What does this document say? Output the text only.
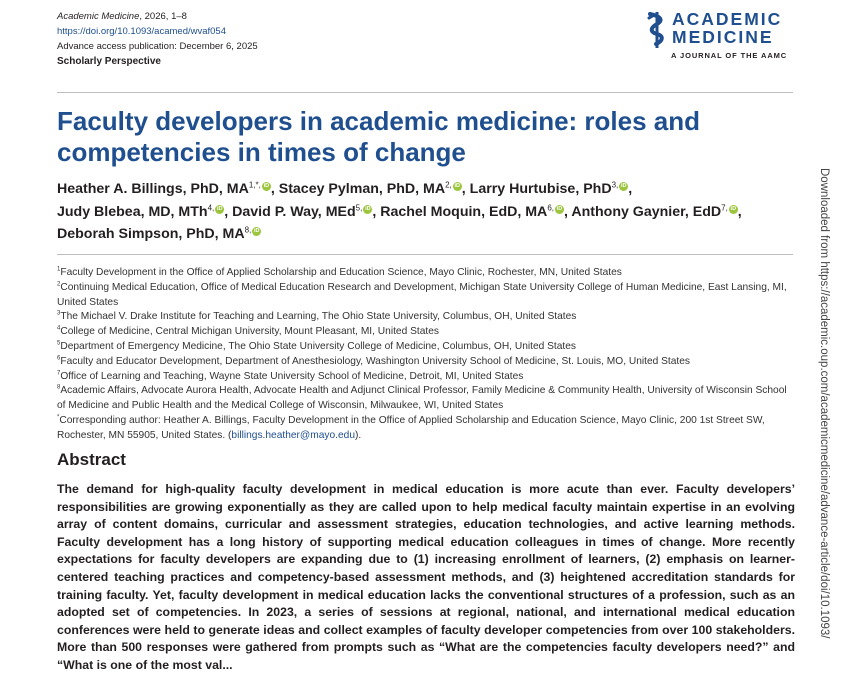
Academic Medicine, 2026, 1–8
https://doi.org/10.1093/acamed/wvaf054
Advance access publication: December 6, 2025
Scholarly Perspective
ACADEMIC
MEDICINE
A JOURNAL OF THE AAMC
Faculty developers in academic medicine: roles and competencies in times of change
Heather A. Billings, PhD, $MA^{1,*,}$ iD , Stacey Pylman, PhD, $MA^{2,}$ iD , Larry Hurtubise, PhD$^{3,}$ iD ,
Judy Blebea, MD, MTh$^{4,}$ iD , David P. Way, MEd$^{5,}$ iD , Rachel Moquin, EdD, $MA^{6,}$ iD , Anthony Gaynier, EdD$^{7,}$ iD ,
Deborah Simpson, PhD, $MA^{8,}$ iD
$^1$Faculty Development in the Office of Applied Scholarship and Education Science, Mayo Clinic, Rochester, MN, United States
$^2$Continuing Medical Education, Office of Medical Education Research and Development, Michigan State University College of Human Medicine, East Lansing, MI, United States
$^3$The Michael V. Drake Institute for Teaching and Learning, The Ohio State University, Columbus, OH, United States
$^4$College of Medicine, Central Michigan University, Mount Pleasant, MI, United States
$^5$Department of Emergency Medicine, The Ohio State University College of Medicine, Columbus, OH, United States
$^6$Faculty and Educator Development, Department of Anesthesiology, Washington University School of Medicine, St. Louis, MO, United States
$^7$Office of Learning and Teaching, Wayne State University School of Medicine, Detroit, MI, United States
$^8$Academic Affairs, Advocate Aurora Health, Advocate Health and Adjunct Clinical Professor, Family Medicine & Community Health, University of Wisconsin School of Medicine and Public Health and the Medical College of Wisconsin, Milwaukee, WI, United States
*Corresponding author: Heather A. Billings, Faculty Development in the Office of Applied Scholarship and Education Science, Mayo Clinic, 200 1st Street SW, Rochester, MN 55905, United States. (billings.heather@mayo.edu).
Abstract

The demand for high-quality faculty development in medical education is more acute than ever. Faculty developers’ responsibilities are growing exponentially as they are called upon to help medical faculty maintain expertise in an evolving array of content domains, curricular and assessment strategies, education technologies, and active learning methods. Faculty development has a long history of supporting medical education colleagues in times of change. More recently expectations for faculty developers are expanding due to (1) increasing enrollment of learners, (2) emphasis on learner-centered teaching practices and competency-based assessment methods, and (3) heightened accreditation standards for training faculty. Yet, faculty development in medical education lacks the conventional structures of a profession, such as an adopted set of competencies. In 2023, a series of sessions at regional, national, and international medical education conferences were held to generate ideas and collect examples of faculty developer competencies from over 100 stakeholders. More than 500 responses were gathered from prompts such as “What are the competencies faculty developers need?” and “What is one of the most val...

Downloaded from https://academic.oup.com/academicmedicine/advance-article/doi/10.1093/
